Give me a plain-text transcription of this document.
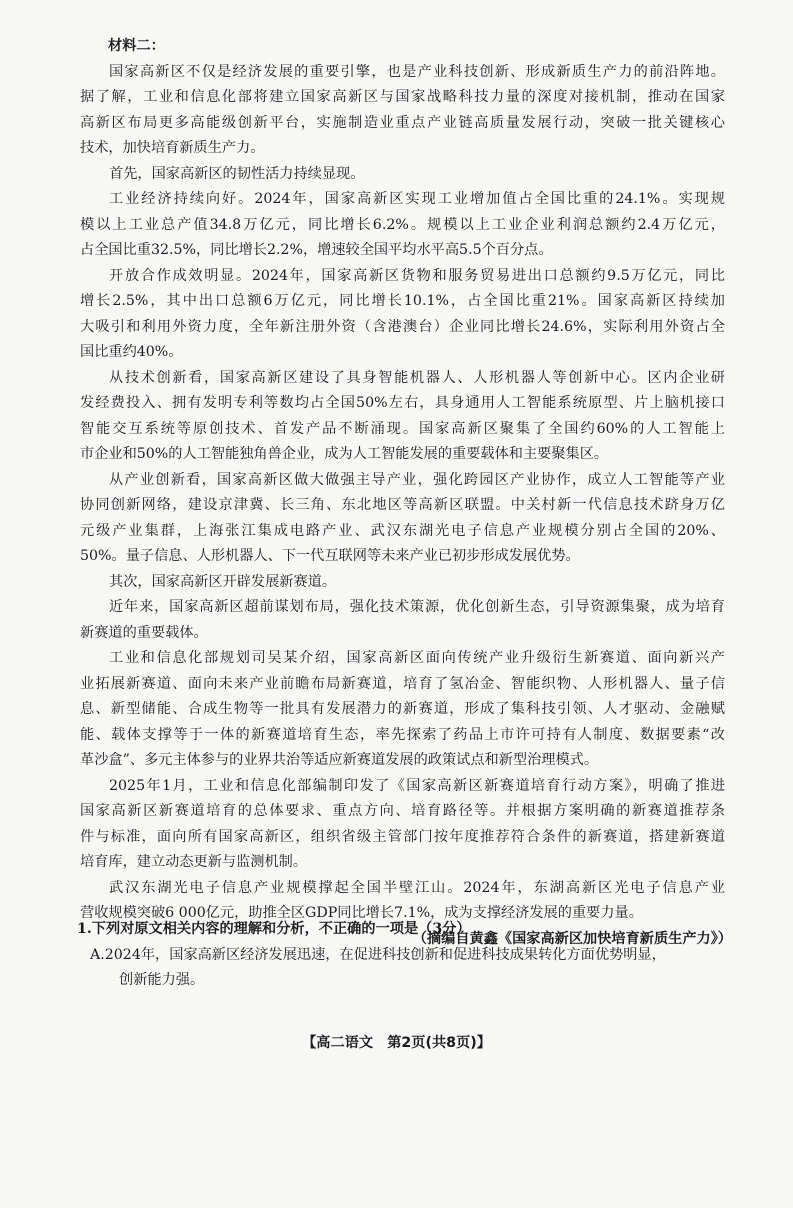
材料二：
国家高新区不仅是经济发展的重要引擎，也是产业科技创新、形成新质生产力的前沿阵地。
据了解，工业和信息化部将建立国家高新区与国家战略科技力量的深度对接机制，推动在国家
高新区布局更多高能级创新平台，实施制造业重点产业链高质量发展行动，突破一批关键核心
技术，加快培育新质生产力。
首先，国家高新区的韧性活力持续显现。
工业经济持续向好。2024年，国家高新区实现工业增加值占全国比重的24.1%。实现规
模以上工业总产值34.8万亿元，同比增长6.2%。规模以上工业企业利润总额约2.4万亿元，
占全国比重32.5%，同比增长2.2%，增速较全国平均水平高5.5个百分点。
开放合作成效明显。2024年，国家高新区货物和服务贸易进出口总额约9.5万亿元，同比
增长2.5%，其中出口总额6万亿元，同比增长10.1%，占全国比重21%。国家高新区持续加
大吸引和利用外资力度，全年新注册外资（含港澳台）企业同比增长24.6%，实际利用外资占全
国比重约40%。
从技术创新看，国家高新区建设了具身智能机器人、人形机器人等创新中心。区内企业研
发经费投入、拥有发明专利等数均占全国50%左右，具身通用人工智能系统原型、片上脑机接口
智能交互系统等原创技术、首发产品不断涌现。国家高新区聚集了全国约60%的人工智能上
市企业和50%的人工智能独角兽企业，成为人工智能发展的重要载体和主要聚集区。
从产业创新看，国家高新区做大做强主导产业，强化跨园区产业协作，成立人工智能等产业
协同创新网络，建设京津冀、长三角、东北地区等高新区联盟。中关村新一代信息技术跻身万亿
元级产业集群，上海张江集成电路产业、武汉东湖光电子信息产业规模分别占全国的20%、
50%。量子信息、人形机器人、下一代互联网等未来产业已初步形成发展优势。
其次，国家高新区开辟发展新赛道。
近年来，国家高新区超前谋划布局，强化技术策源，优化创新生态，引导资源集聚，成为培育
新赛道的重要载体。
工业和信息化部规划司吴某介绍，国家高新区面向传统产业升级衍生新赛道、面向新兴产
业拓展新赛道、面向未来产业前瞻布局新赛道，培育了氢冶金、智能织物、人形机器人、量子信
息、新型储能、合成生物等一批具有发展潜力的新赛道，形成了集科技引领、人才驱动、金融赋
能、载体支撑等于一体的新赛道培育生态，率先探索了药品上市许可持有人制度、数据要素“改
革沙盒”、多元主体参与的业界共治等适应新赛道发展的政策试点和新型治理模式。
2025年1月，工业和信息化部编制印发了《国家高新区新赛道培育行动方案》，明确了推进
国家高新区新赛道培育的总体要求、重点方向、培育路径等。并根据方案明确的新赛道推荐条
件与标准，面向所有国家高新区，组织省级主管部门按年度推荐符合条件的新赛道，搭建新赛道
培育库，建立动态更新与监测机制。
武汉东湖光电子信息产业规模撑起全国半壁江山。2024年，东湖高新区光电子信息产业
营收规模突破6 000亿元，助推全区GDP同比增长7.1%，成为支撑经济发展的重要力量。
（摘编自黄鑫《国家高新区加快培育新质生产力》）
1.下列对原文相关内容的理解和分析，不正确的一项是（3分）
A.2024年，国家高新区经济发展迅速，在促进科技创新和促进科技成果转化方面优势明显，
创新能力强。
【高二语文　第2页(共8页)】
